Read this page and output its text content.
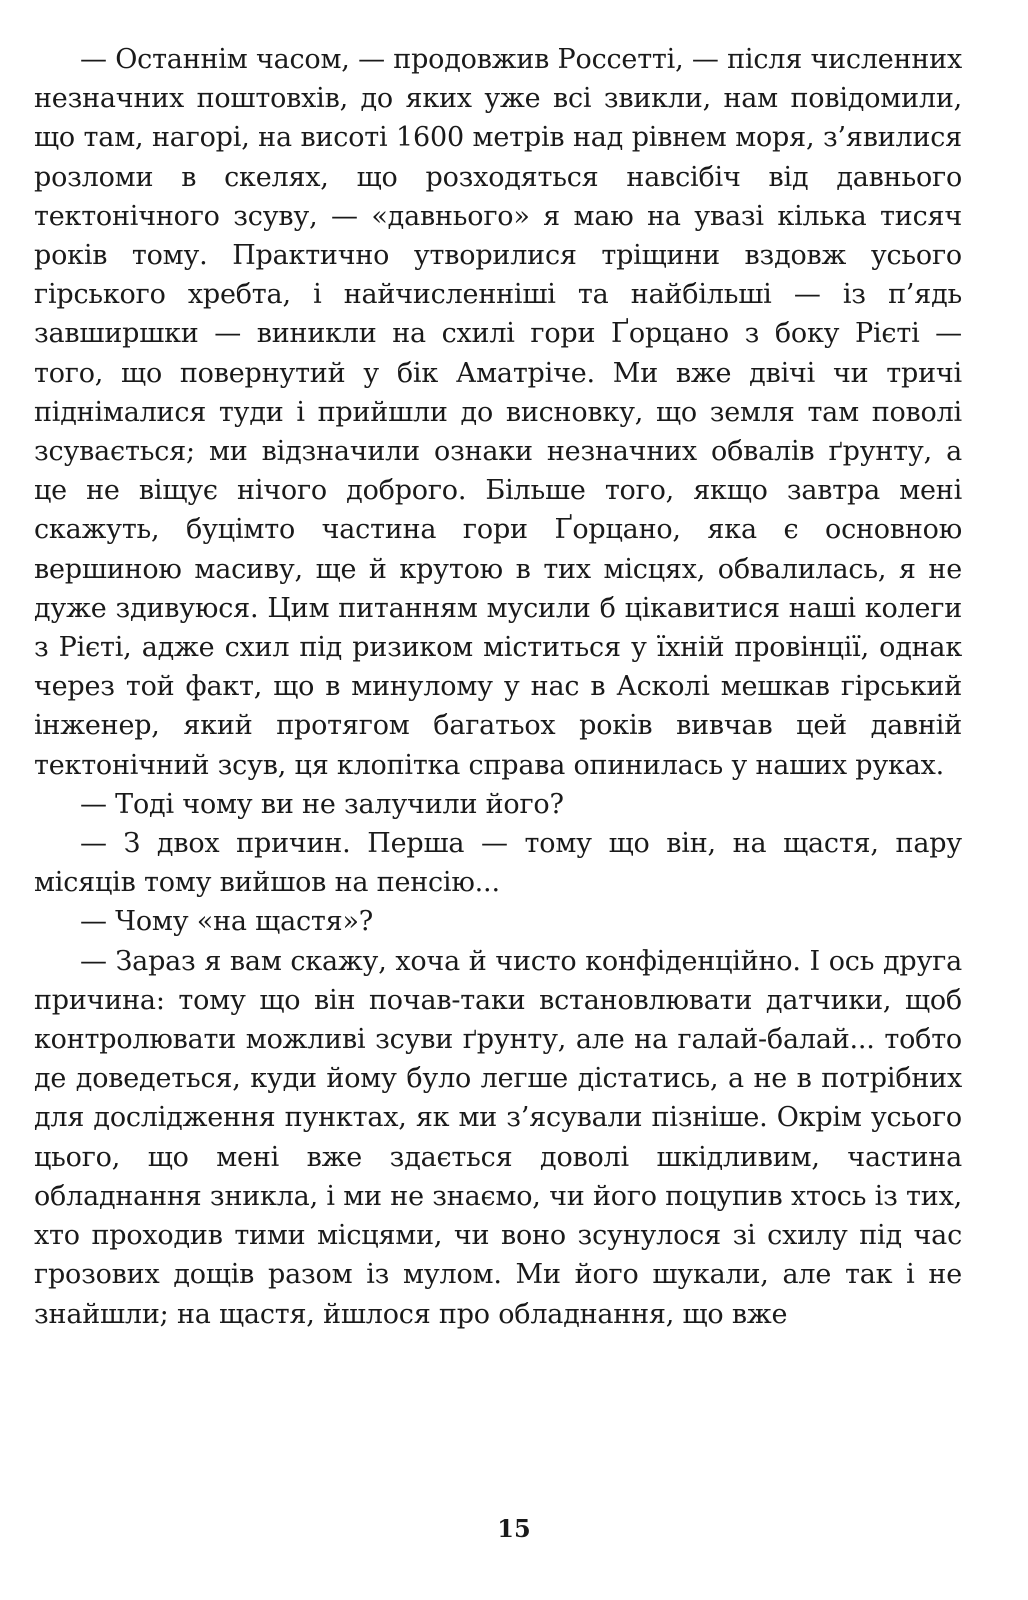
— Останнім часом, — продовжив Россетті, — після численних незначних поштовхів, до яких уже всі звикли, нам повідомили, що там, нагорі, на висоті 1600 метрів над рівнем моря, з’явилися розломи в скелях, що розходяться навсібіч від давнього тектонічного зсуву, — «давнього» я маю на увазі кілька тисяч років тому. Практично утворилися тріщини вздовж усього гірського хребта, і найчисленніші та найбільші — із п’ядь завширшки — виникли на схилі гори Ґорцано з боку Рієті — того, що повернутий у бік Аматріче. Ми вже двічі чи тричі піднімалися туди і прийшли до висновку, що земля там поволі зсувається; ми відзначили ознаки незначних обвалів ґрунту, а це не віщує нічого доброго. Більше того, якщо завтра мені скажуть, буцімто частина гори Ґорцано, яка є основною вершиною масиву, ще й крутою в тих місцях, обвалилась, я не дуже здивуюся. Цим питанням мусили б цікавитися наші колеги з Рієті, адже схил під ризиком міститься у їхній провінції, однак через той факт, що в минулому у нас в Асколі мешкав гірський інженер, який протягом багатьох років вивчав цей давній тектонічний зсув, ця клопітка справа опинилась у наших руках.

— Тоді чому ви не залучили його?

— З двох причин. Перша — тому що він, на щастя, пару місяців тому вийшов на пенсію...

— Чому «на щастя»?

— Зараз я вам скажу, хоча й чисто конфіденційно. І ось друга причина: тому що він почав-таки встановлювати датчики, щоб контролювати можливі зсуви ґрунту, але на галай-балай... тобто де доведеться, куди йому було легше дістатись, а не в потрібних для дослідження пунктах, як ми з’ясували пізніше. Окрім усього цього, що мені вже здається доволі шкідливим, частина обладнання зникла, і ми не знаємо, чи його поцупив хтось із тих, хто проходив тими місцями, чи воно зсунулося зі схилу під час грозових дощів разом із мулом. Ми його шукали, але так і не знайшли; на щастя, йшлося про обладнання, що вже

15
